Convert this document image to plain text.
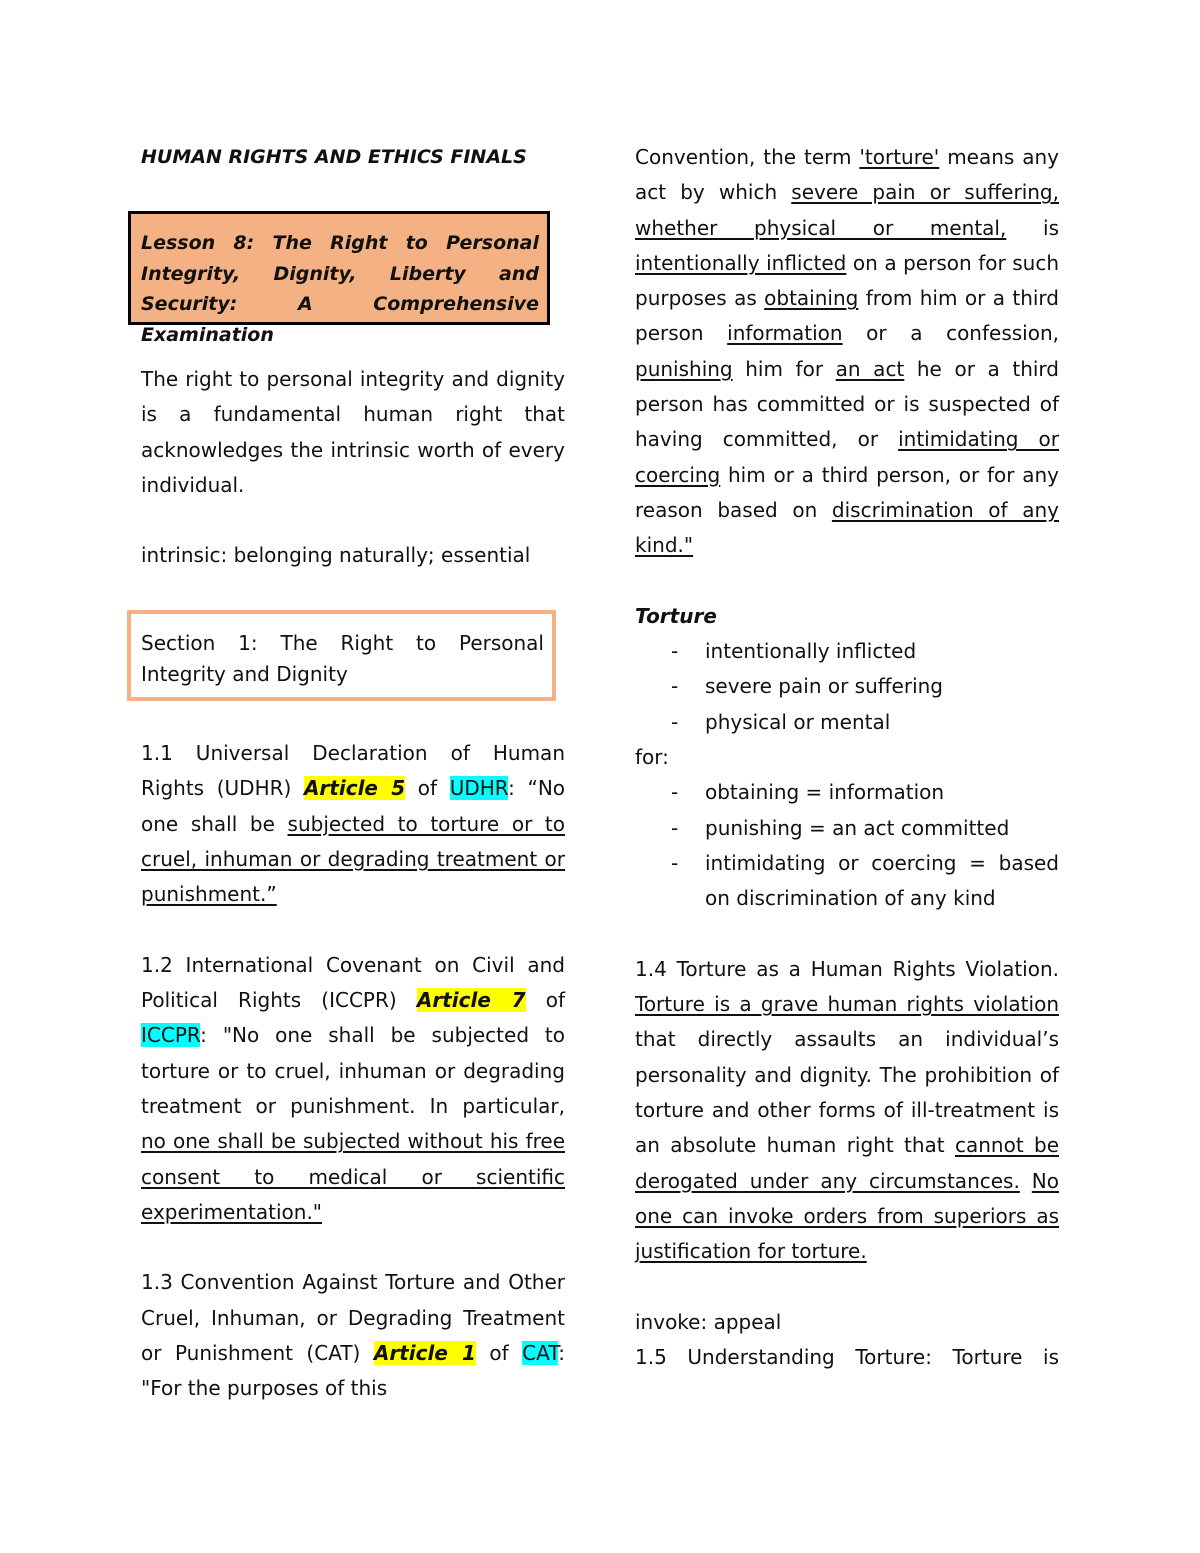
HUMAN RIGHTS AND ETHICS FINALS

Lesson 8: The Right to Personal Integrity, Dignity, Liberty and Security: A Comprehensive Examination

The right to personal integrity and dignity is a fundamental human right that acknowledges the intrinsic worth of every individual.

intrinsic: belonging naturally; essential

Section 1: The Right to Personal Integrity and Dignity

1.1 Universal Declaration of Human Rights (UDHR) Article 5 of UDHR: “No one shall be subjected to torture or to cruel, inhuman or degrading treatment or punishment.”

1.2 International Covenant on Civil and Political Rights (ICCPR) Article 7 of ICCPR: "No one shall be subjected to torture or to cruel, inhuman or degrading treatment or punishment. In particular, no one shall be subjected without his free consent to medical or scientific experimentation."

1.3 Convention Against Torture and Other Cruel, Inhuman, or Degrading Treatment or Punishment (CAT) Article 1 of CAT: "For the purposes of this

Convention, the term 'torture' means any act by which severe pain or suffering, whether physical or mental, is intentionally inflicted on a person for such purposes as obtaining from him or a third person information or a confession, punishing him for an act he or a third person has committed or is suspected of having committed, or intimidating or coercing him or a third person, or for any reason based on discrimination of any kind."

Torture

- intentionally inflicted
- severe pain or suffering
- physical or mental

for:

- obtaining = information
- punishing = an act committed
- intimidating or coercing = based on discrimination of any kind

1.4 Torture as a Human Rights Violation. Torture is a grave human rights violation that directly assaults an individual’s personality and dignity. The prohibition of torture and other forms of ill-treatment is an absolute human right that cannot be derogated under any circumstances. No one can invoke orders from superiors as justification for torture.

invoke: appeal

1.5 Understanding Torture: Torture is
